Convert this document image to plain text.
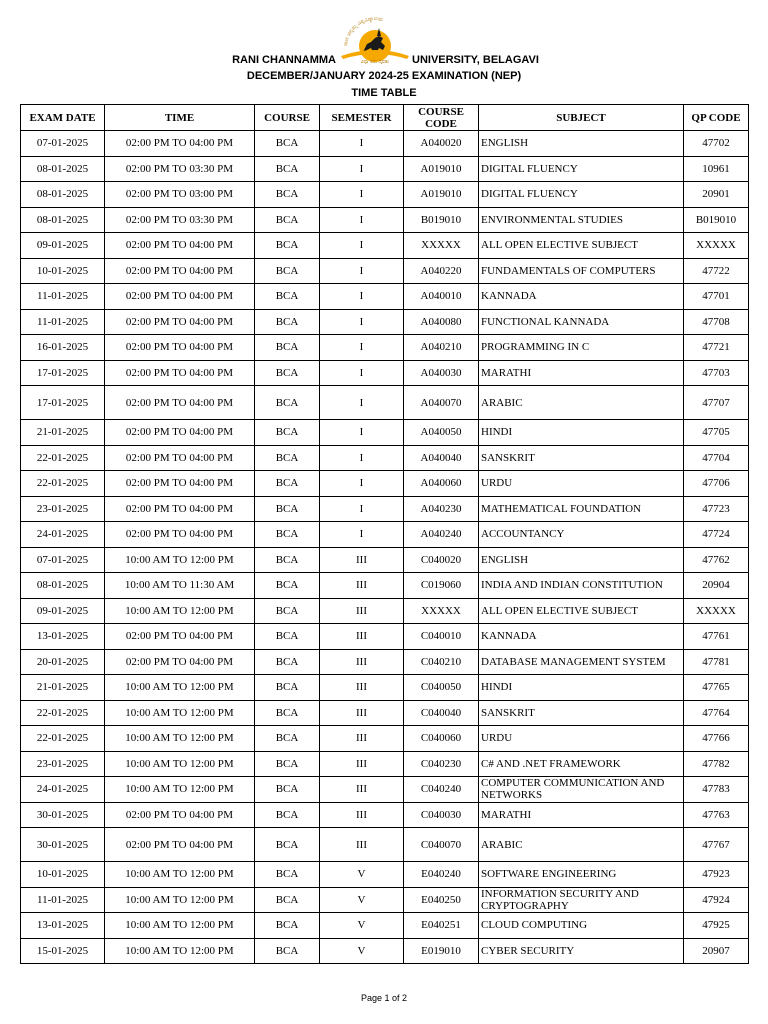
ರಾಣಿ ಚನ್ನಮ್ಮ ವಿಶ್ವವಿದ್ಯಾಲಯ
ವಿದ್ಯಾ ಪರಂ ದೈವತಂ
RANI CHANNAMMA	UNIVERSITY, BELAGAVI
DECEMBER/JANUARY 2024-25 EXAMINATION (NEP)
TIME TABLE
EXAM DATE	TIME	COURSE	SEMESTER	COURSE CODE	SUBJECT	QP CODE
07-01-2025	02:00 PM TO 04:00 PM	BCA	I	A040020	ENGLISH	47702
08-01-2025	02:00 PM TO 03:30 PM	BCA	I	A019010	DIGITAL FLUENCY	10961
08-01-2025	02:00 PM TO 03:00 PM	BCA	I	A019010	DIGITAL FLUENCY	20901
08-01-2025	02:00 PM TO 03:30 PM	BCA	I	B019010	ENVIRONMENTAL STUDIES	B019010
09-01-2025	02:00 PM TO 04:00 PM	BCA	I	XXXXX	ALL OPEN ELECTIVE SUBJECT	XXXXX
10-01-2025	02:00 PM TO 04:00 PM	BCA	I	A040220	FUNDAMENTALS OF COMPUTERS	47722
11-01-2025	02:00 PM TO 04:00 PM	BCA	I	A040010	KANNADA	47701
11-01-2025	02:00 PM TO 04:00 PM	BCA	I	A040080	FUNCTIONAL KANNADA	47708
16-01-2025	02:00 PM TO 04:00 PM	BCA	I	A040210	PROGRAMMING IN C	47721
17-01-2025	02:00 PM TO 04:00 PM	BCA	I	A040030	MARATHI	47703
17-01-2025	02:00 PM TO 04:00 PM	BCA	I	A040070	ARABIC	47707
21-01-2025	02:00 PM TO 04:00 PM	BCA	I	A040050	HINDI	47705
22-01-2025	02:00 PM TO 04:00 PM	BCA	I	A040040	SANSKRIT	47704
22-01-2025	02:00 PM TO 04:00 PM	BCA	I	A040060	URDU	47706
23-01-2025	02:00 PM TO 04:00 PM	BCA	I	A040230	MATHEMATICAL FOUNDATION	47723
24-01-2025	02:00 PM TO 04:00 PM	BCA	I	A040240	ACCOUNTANCY	47724
07-01-2025	10:00 AM TO 12:00 PM	BCA	III	C040020	ENGLISH	47762
08-01-2025	10:00 AM TO 11:30 AM	BCA	III	C019060	INDIA AND INDIAN CONSTITUTION	20904
09-01-2025	10:00 AM TO 12:00 PM	BCA	III	XXXXX	ALL OPEN ELECTIVE SUBJECT	XXXXX
13-01-2025	02:00 PM TO 04:00 PM	BCA	III	C040010	KANNADA	47761
20-01-2025	02:00 PM TO 04:00 PM	BCA	III	C040210	DATABASE MANAGEMENT SYSTEM	47781
21-01-2025	10:00 AM TO 12:00 PM	BCA	III	C040050	HINDI	47765
22-01-2025	10:00 AM TO 12:00 PM	BCA	III	C040040	SANSKRIT	47764
22-01-2025	10:00 AM TO 12:00 PM	BCA	III	C040060	URDU	47766
23-01-2025	10:00 AM TO 12:00 PM	BCA	III	C040230	C# AND .NET FRAMEWORK	47782
24-01-2025	10:00 AM TO 12:00 PM	BCA	III	C040240	COMPUTER COMMUNICATION AND NETWORKS	47783
30-01-2025	02:00 PM TO 04:00 PM	BCA	III	C040030	MARATHI	47763
30-01-2025	02:00 PM TO 04:00 PM	BCA	III	C040070	ARABIC	47767
10-01-2025	10:00 AM TO 12:00 PM	BCA	V	E040240	SOFTWARE ENGINEERING	47923
11-01-2025	10:00 AM TO 12:00 PM	BCA	V	E040250	INFORMATION SECURITY AND CRYPTOGRAPHY	47924
13-01-2025	10:00 AM TO 12:00 PM	BCA	V	E040251	CLOUD COMPUTING	47925
15-01-2025	10:00 AM TO 12:00 PM	BCA	V	E019010	CYBER SECURITY	20907
Page 1 of 2
